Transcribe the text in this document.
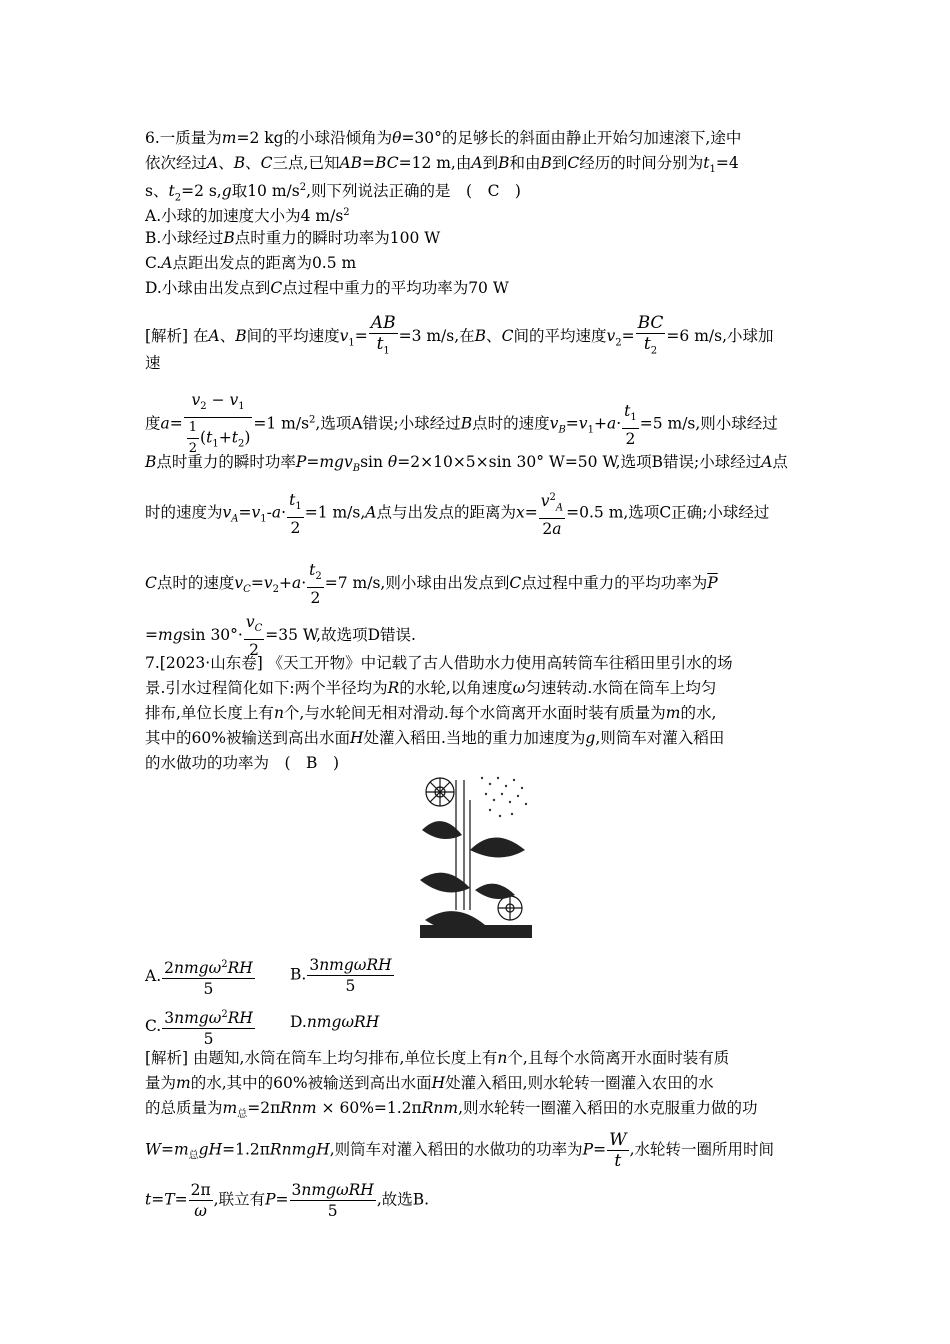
6.一质量为m=2 kg的小球沿倾角为θ=30°的足够长的斜面由静止开始匀加速滚下,途中
依次经过A、B、C三点,已知AB=BC=12 m,由A到B和由B到C经历的时间分别为$t_1=4$
s、$t_2=2$ s,g取10 $m/s^2$,则下列说法正确的是　(　C　)
A.小球的加速度大小为4 $m/s^2$
B.小球经过B点时重力的瞬时功率为100 W
C.A点距出发点的距离为0.5 m
D.小球由出发点到C点过程中重力的平均功率为70 W
[解析] 在A、B间的平均速度$v_1= \frac{AB}{t_1} =3$ m/s,在B、C间的平均速度$v_2= \frac{BC}{t_2} =6$ m/s,小球加
速
度$a= \frac{v_2 - v_1}{\frac{1}{2} (t_1+t_2)} =1$ $m/s^2$,选项A错误;小球经过B点时的速度$v_B=v_1+a\cdot \frac{t_1}{2} =5$ m/s,则小球经过
B点时重力的瞬时功率P=mgv$_B$sin θ=2×10×5×sin 30° W=50 W,选项B错误;小球经过A点
时的速度为$v_A=v_1-a\cdot \frac{t_1}{2} =1$ m/s,A点与出发点的距离为$x= \frac{v^2_A}{2a} =0.5$ m,选项C正确;小球经过
C点时的速度$v_C=v_2+a\cdot \frac{t_2}{2} =7$ m/s,则小球由出发点到C点过程中重力的平均功率为$\overline{P}$
=mgsin $30^\circ\cdot \frac{v_C}{2} =35$ W,故选项D错误.
7.[2023·山东卷] 《天工开物》中记载了古人借助水力使用高转筒车往稻田里引水的场
景.引水过程简化如下:两个半径均为R的水轮,以角速度ω匀速转动.水筒在筒车上均匀
排布,单位长度上有n个,与水轮间无相对滑动.每个水筒离开水面时装有质量为m的水,
其中的60%被输送到高出水面H处灌入稻田.当地的重力加速度为g,则筒车对灌入稻田
的水做功的功率为　(　B　)
A. $\frac{2nmg\omega^2RH}{5} B$. $\frac{\text{3nmgωRH}}{5}$
C. $\frac{3nmg\omega^2RH}{5} D.nmg\omega RH$
[解析] 由题知,水筒在筒车上均匀排布,单位长度上有n个,且每个水筒离开水面时装有质
量为m的水,其中的60%被输送到高出水面H处灌入稻田,则水轮转一圈灌入农田的水
的总质量为$m_总=2\pi Rnm \times 60\%=1.2\pi Rnm$,则水轮转一圈灌入稻田的水克服重力做的功
$W=m_总gH=1.2\pi RnmgH$,则筒车对灌入稻田的水做功的功率为$P= \frac{W}{t}$ ,水轮转一圈所用时间
$t=T= \frac{2\pi}{\omega}$ ,联立有$P= \frac{\text{3nmgωRH}}{5}$ ,故选B.
